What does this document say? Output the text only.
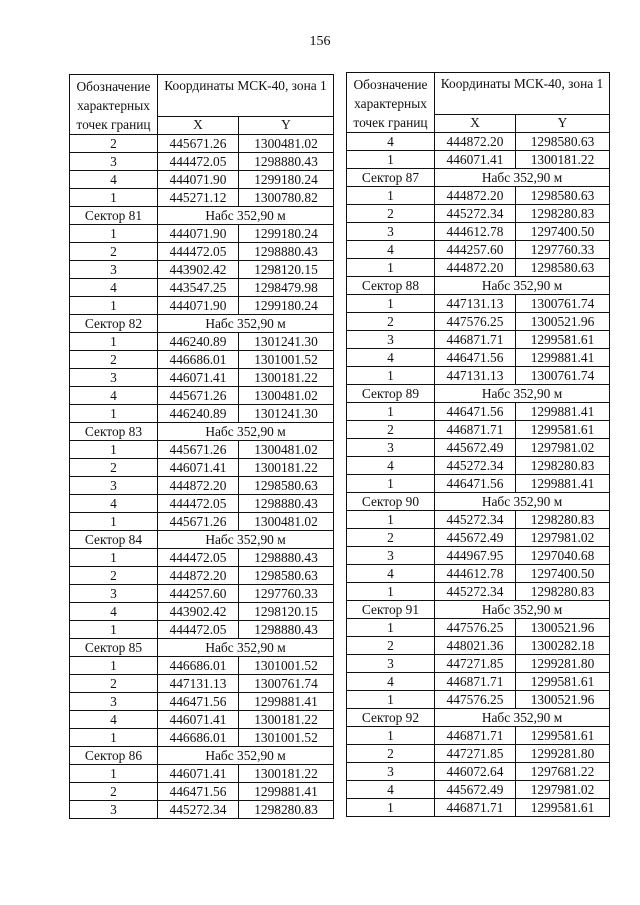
156
Обозначение характерных точек границ	Координаты МСК-40, зона 1	
	X	Y
2	445671.26	1300481.02
3	444472.05	1298880.43
4	444071.90	1299180.24
1	445271.12	1300780.82
Сектор 81	Набс 352,90 м	
1	444071.90	1299180.24
2	444472.05	1298880.43
3	443902.42	1298120.15
4	443547.25	1298479.98
1	444071.90	1299180.24
Сектор 82	Набс 352,90 м	
1	446240.89	1301241.30
2	446686.01	1301001.52
3	446071.41	1300181.22
4	445671.26	1300481.02
1	446240.89	1301241.30
Сектор 83	Набс 352,90 м	
1	445671.26	1300481.02
2	446071.41	1300181.22
3	444872.20	1298580.63
4	444472.05	1298880.43
1	445671.26	1300481.02
Сектор 84	Набс 352,90 м	
1	444472.05	1298880.43
2	444872.20	1298580.63
3	444257.60	1297760.33
4	443902.42	1298120.15
1	444472.05	1298880.43
Сектор 85	Набс 352,90 м	
1	446686.01	1301001.52
2	447131.13	1300761.74
3	446471.56	1299881.41
4	446071.41	1300181.22
1	446686.01	1301001.52
Сектор 86	Набс 352,90 м	
1	446071.41	1300181.22
2	446471.56	1299881.41
3	445272.34	1298280.83
Обозначение характерных точек границ	Координаты МСК-40, зона 1	
	X	Y
4	444872.20	1298580.63
1	446071.41	1300181.22
Сектор 87	Набс 352,90 м	
1	444872.20	1298580.63
2	445272.34	1298280.83
3	444612.78	1297400.50
4	444257.60	1297760.33
1	444872.20	1298580.63
Сектор 88	Набс 352,90 м	
1	447131.13	1300761.74
2	447576.25	1300521.96
3	446871.71	1299581.61
4	446471.56	1299881.41
1	447131.13	1300761.74
Сектор 89	Набс 352,90 м	
1	446471.56	1299881.41
2	446871.71	1299581.61
3	445672.49	1297981.02
4	445272.34	1298280.83
1	446471.56	1299881.41
Сектор 90	Набс 352,90 м	
1	445272.34	1298280.83
2	445672.49	1297981.02
3	444967.95	1297040.68
4	444612.78	1297400.50
1	445272.34	1298280.83
Сектор 91	Набс 352,90 м	
1	447576.25	1300521.96
2	448021.36	1300282.18
3	447271.85	1299281.80
4	446871.71	1299581.61
1	447576.25	1300521.96
Сектор 92	Набс 352,90 м	
1	446871.71	1299581.61
2	447271.85	1299281.80
3	446072.64	1297681.22
4	445672.49	1297981.02
1	446871.71	1299581.61
